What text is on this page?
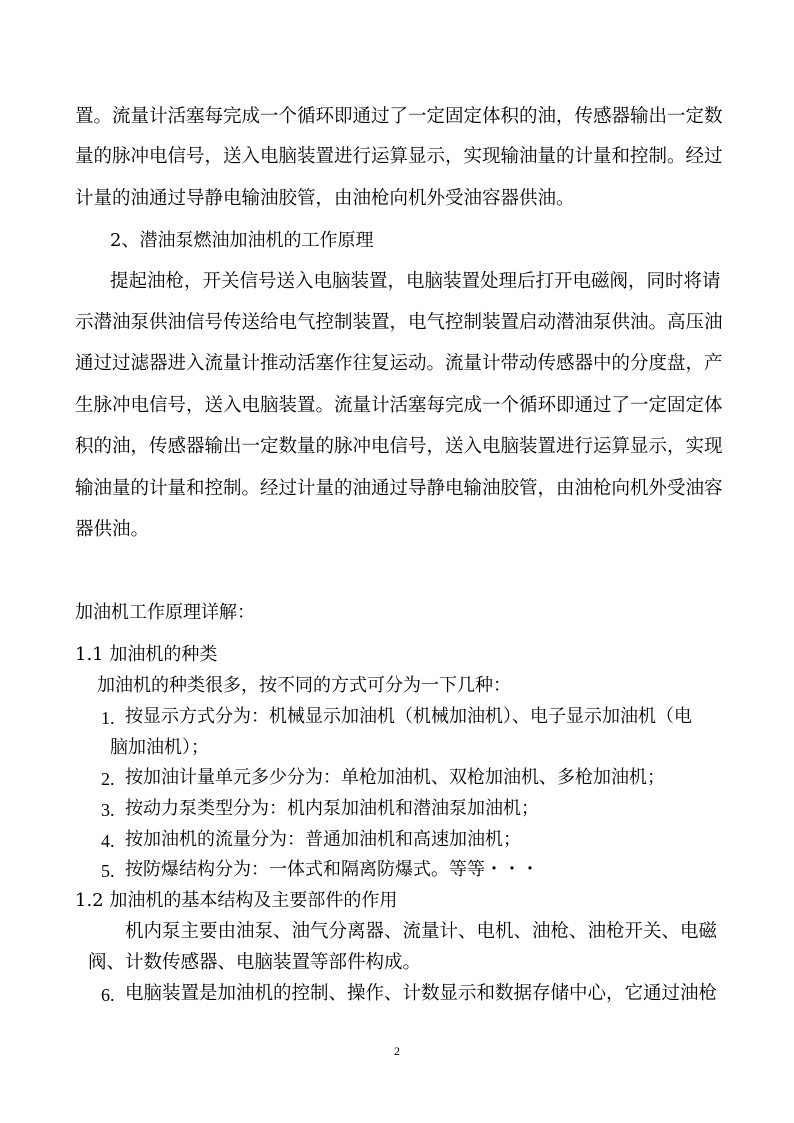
置。流量计活塞每完成一个循环即通过了一定固定体积的油，传感器输出一定数
量的脉冲电信号，送入电脑装置进行运算显示，实现输油量的计量和控制。经过
计量的油通过导静电输油胶管，由油枪向机外受油容器供油。
2、潜油泵燃油加油机的工作原理
提起油枪，开关信号送入电脑装置，电脑装置处理后打开电磁阀，同时将请
示潜油泵供油信号传送给电气控制装置，电气控制装置启动潜油泵供油。高压油
通过过滤器进入流量计推动活塞作往复运动。流量计带动传感器中的分度盘，产
生脉冲电信号，送入电脑装置。流量计活塞每完成一个循环即通过了一定固定体
积的油，传感器输出一定数量的脉冲电信号，送入电脑装置进行运算显示，实现
输油量的计量和控制。经过计量的油通过导静电输油胶管，由油枪向机外受油容
器供油。
加油机工作原理详解：
1.1 加油机的种类
加油机的种类很多，按不同的方式可分为一下几种：
1. 按显示方式分为：机械显示加油机（机械加油机）、电子显示加油机（电
脑加油机）；
2. 按加油计量单元多少分为：单枪加油机、双枪加油机、多枪加油机；
3. 按动力泵类型分为：机内泵加油机和潜油泵加油机；
4. 按加油机的流量分为：普通加油机和高速加油机；
5. 按防爆结构分为：一体式和隔离防爆式。等等・・・
1.2 加油机的基本结构及主要部件的作用
机内泵主要由油泵、油气分离器、流量计、电机、油枪、油枪开关、电磁
阀、计数传感器、电脑装置等部件构成。
6. 电脑装置是加油机的控制、操作、计数显示和数据存储中心，它通过油枪
2
